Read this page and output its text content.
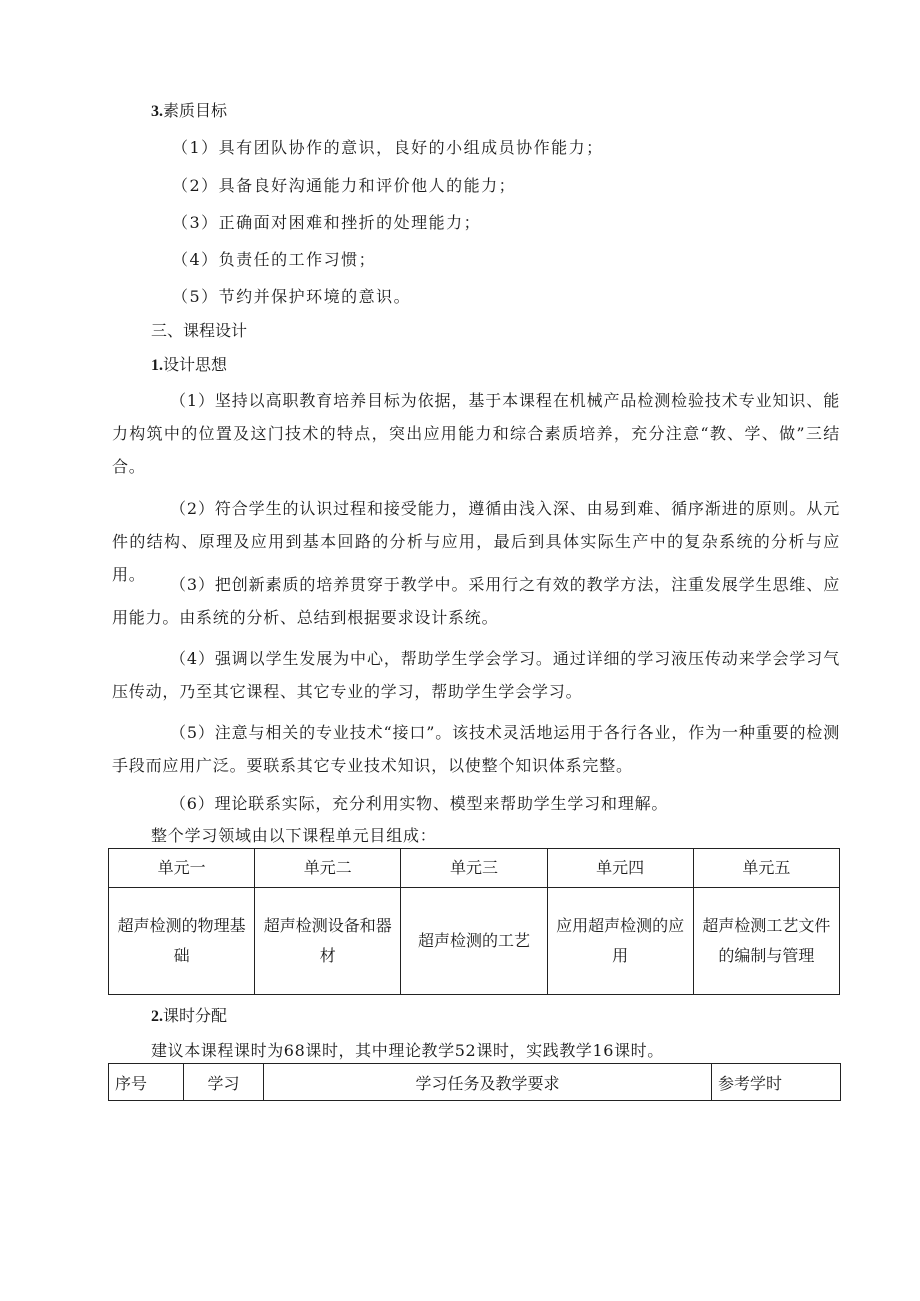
3.素质目标
（1）具有团队协作的意识，良好的小组成员协作能力；
（2）具备良好沟通能力和评价他人的能力；
（3）正确面对困难和挫折的处理能力；
（4）负责任的工作习惯；
（5）节约并保护环境的意识。
三、课程设计
1.设计思想

（1）坚持以高职教育培养目标为依据，基于本课程在机械产品检测检验技术专业知识、能力构筑中的位置及这门技术的特点，突出应用能力和综合素质培养，充分注意“教、学、做”三结合。

（2）符合学生的认识过程和接受能力，遵循由浅入深、由易到难、循序渐进的原则。从元件的结构、原理及应用到基本回路的分析与应用，最后到具体实际生产中的复杂系统的分析与应用。

（3）把创新素质的培养贯穿于教学中。采用行之有效的教学方法，注重发展学生思维、应用能力。由系统的分析、总结到根据要求设计系统。

（4）强调以学生发展为中心，帮助学生学会学习。通过详细的学习液压传动来学会学习气压传动，乃至其它课程、其它专业的学习，帮助学生学会学习。

（5）注意与相关的专业技术“接口”。该技术灵活地运用于各行各业，作为一种重要的检测手段而应用广泛。要联系其它专业技术知识，以使整个知识体系完整。

（6）理论联系实际，充分利用实物、模型来帮助学生学习和理解。

整个学习领域由以下课程单元目组成：
单元一	单元二	单元三	单元四	单元五
超声检测的物理基础	超声检测设备和器材	超声检测的工艺	应用超声检测的应用	超声检测工艺文件的编制与管理
2.课时分配
建议本课程课时为68课时，其中理论教学52课时，实践教学16课时。
序号	学习	学习任务及教学要求	参考学时
